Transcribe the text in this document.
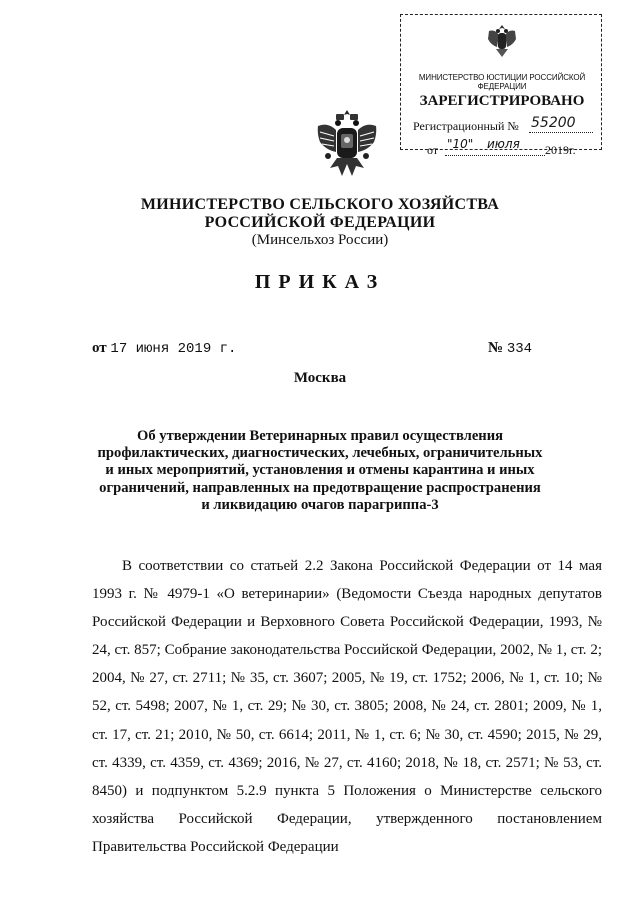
МИНИСТЕРСТВО ЮСТИЦИИ РОССИЙСКОЙ ФЕДЕРАЦИИ
ЗАРЕГИСТРИРОВАНО
Регистрационный № 55200
от "10" июля 2019г.
МИНИСТЕРСТВО СЕЛЬСКОГО ХОЗЯЙСТВА
РОССИЙСКОЙ ФЕДЕРАЦИИ
(Минсельхоз России)
ПРИКАЗ
от 17 июня 2019 г.	№ 334
Москва
Об утверждении Ветеринарных правил осуществления
профилактических, диагностических, лечебных, ограничительных
и иных мероприятий, установления и отмены карантина и иных
ограничений, направленных на предотвращение распространения
и ликвидацию очагов парагриппа-3
В соответствии со статьей 2.2 Закона Российской Федерации от 14 мая 1993 г. № 4979-1 «О ветеринарии» (Ведомости Съезда народных депутатов Российской Федерации и Верховного Совета Российской Федерации, 1993, № 24, ст. 857; Собрание законодательства Российской Федерации, 2002, № 1, ст. 2; 2004, № 27, ст. 2711; № 35, ст. 3607; 2005, № 19, ст. 1752; 2006, № 1, ст. 10; № 52, ст. 5498; 2007, № 1, ст. 29; № 30, ст. 3805; 2008, № 24, ст. 2801; 2009, № 1, ст. 17, ст. 21; 2010, № 50, ст. 6614; 2011, № 1, ст. 6; № 30, ст. 4590; 2015, № 29, ст. 4339, ст. 4359, ст. 4369; 2016, № 27, ст. 4160; 2018, № 18, ст. 2571; № 53, ст. 8450) и подпунктом 5.2.9 пункта 5 Положения о Министерстве сельского хозяйства Российской Федерации, утвержденного постановлением Правительства Российской Федерации
